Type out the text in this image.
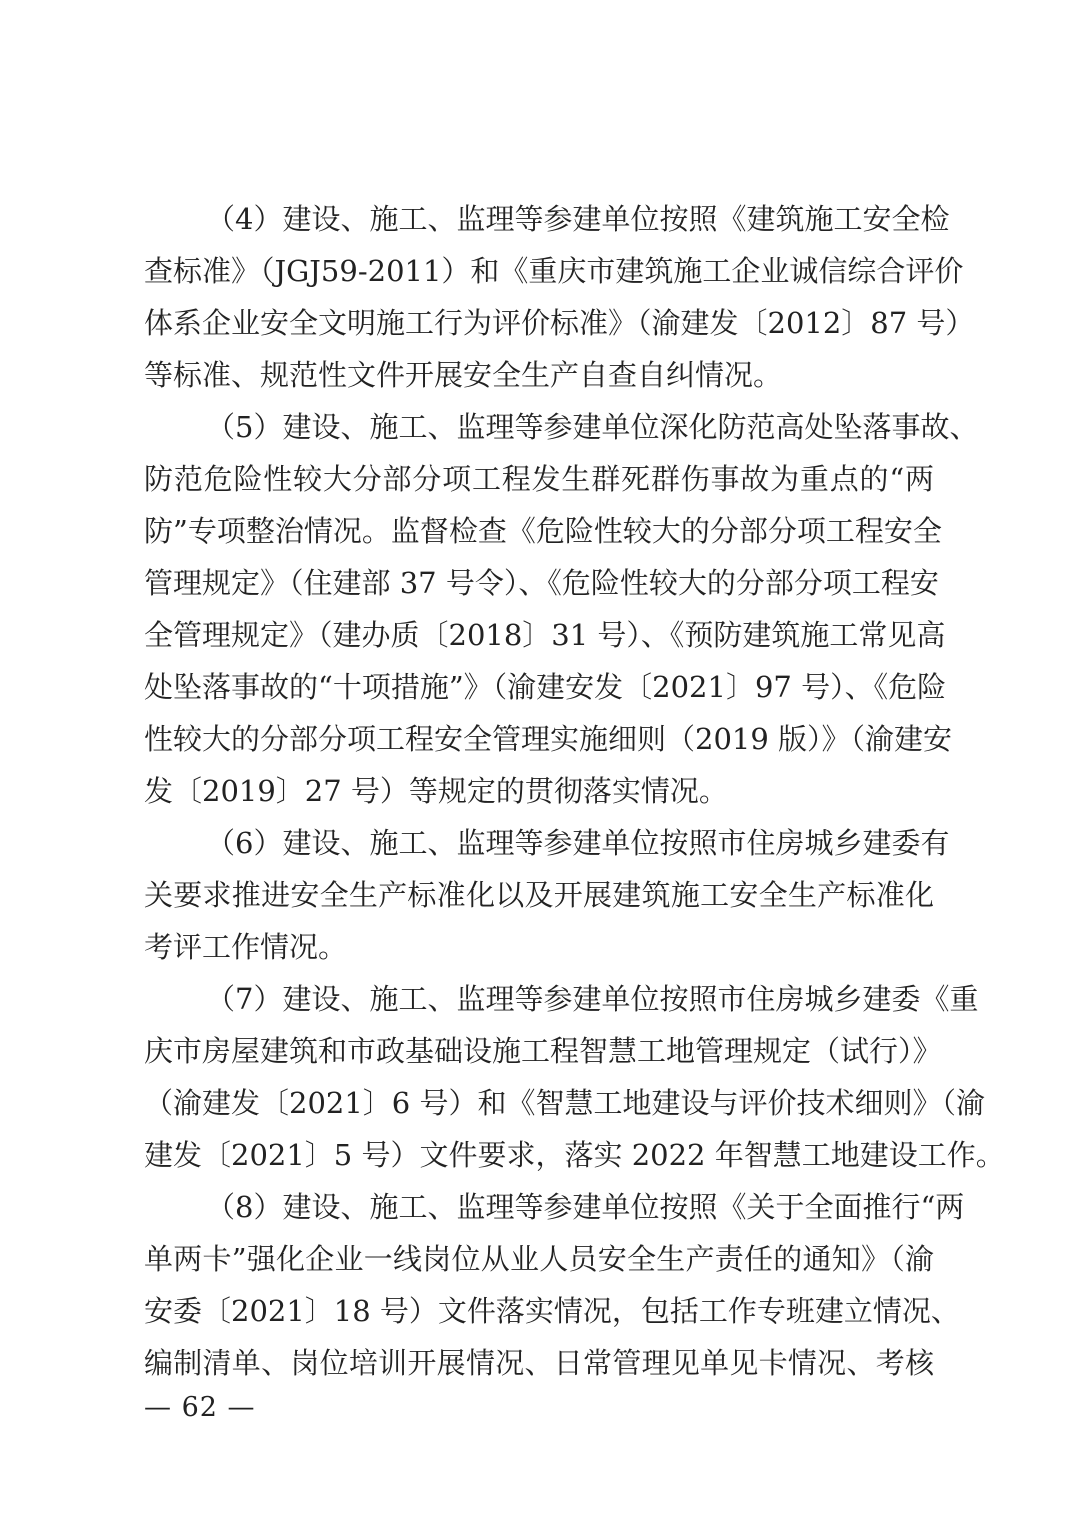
（4）建设、施工、监理等参建单位按照《建筑施工安全检
查标准》（JGJ59-2011）和《重庆市建筑施工企业诚信综合评价
体系企业安全文明施工行为评价标准》（渝建发〔2012〕87 号）
等标准、规范性文件开展安全生产自查自纠情况。
（5）建设、施工、监理等参建单位深化防范高处坠落事故、
防范危险性较大分部分项工程发生群死群伤事故为重点的“两
防”专项整治情况。监督检查《危险性较大的分部分项工程安全
管理规定》（住建部 37 号令）、《危险性较大的分部分项工程安
全管理规定》（建办质〔2018〕31 号）、《预防建筑施工常见高
处坠落事故的“十项措施”》（渝建安发〔2021〕97 号）、《危险
性较大的分部分项工程安全管理实施细则（2019 版）》（渝建安
发〔2019〕27 号）等规定的贯彻落实情况。
（6）建设、施工、监理等参建单位按照市住房城乡建委有
关要求推进安全生产标准化以及开展建筑施工安全生产标准化
考评工作情况。
（7）建设、施工、监理等参建单位按照市住房城乡建委《重
庆市房屋建筑和市政基础设施工程智慧工地管理规定（试行）》
（渝建发〔2021〕6 号）和《智慧工地建设与评价技术细则》（渝
建发〔2021〕5 号）文件要求，落实 2022 年智慧工地建设工作。
（8）建设、施工、监理等参建单位按照《关于全面推行“两
单两卡”强化企业一线岗位从业人员安全生产责任的通知》（渝
安委〔2021〕18 号）文件落实情况，包括工作专班建立情况、
编制清单、岗位培训开展情况、日常管理见单见卡情况、考核
— 62 —
